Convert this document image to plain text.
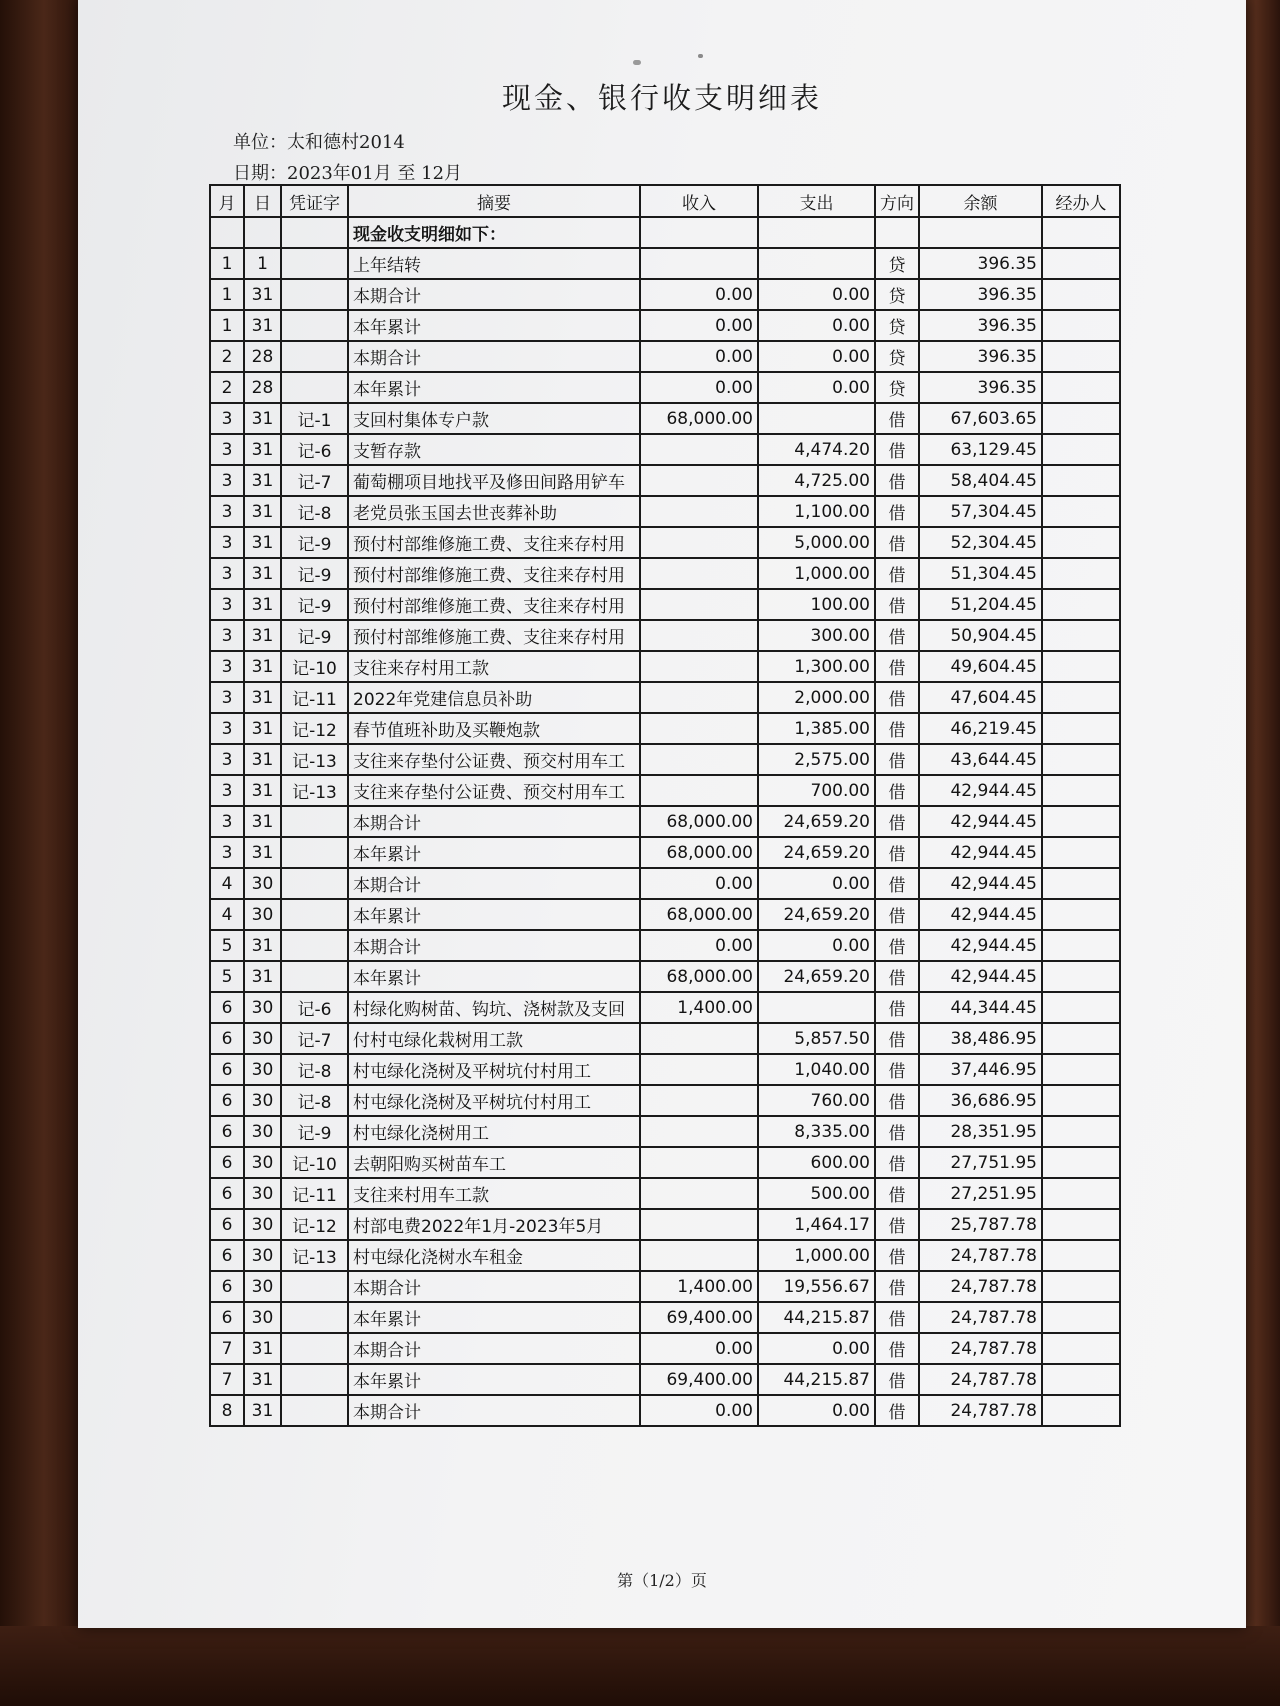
现金、银行收支明细表
单位：太和德村2014
日期：2023年01月 至 12月
月	日	凭证字	摘要	收入	支出	方向	余额	经办人
			现金收支明细如下：					
1	1		上年结转			贷	396.35	
1	31		本期合计	0.00	0.00	贷	396.35	
1	31		本年累计	0.00	0.00	贷	396.35	
2	28		本期合计	0.00	0.00	贷	396.35	
2	28		本年累计	0.00	0.00	贷	396.35	
3	31	记-1	支回村集体专户款	68,000.00		借	67,603.65	
3	31	记-6	支暂存款		4,474.20	借	63,129.45	
3	31	记-7	葡萄棚项目地找平及修田间路用铲车		4,725.00	借	58,404.45	
3	31	记-8	老党员张玉国去世丧葬补助		1,100.00	借	57,304.45	
3	31	记-9	预付村部维修施工费、支往来存村用		5,000.00	借	52,304.45	
3	31	记-9	预付村部维修施工费、支往来存村用		1,000.00	借	51,304.45	
3	31	记-9	预付村部维修施工费、支往来存村用		100.00	借	51,204.45	
3	31	记-9	预付村部维修施工费、支往来存村用		300.00	借	50,904.45	
3	31	记-10	支往来存村用工款		1,300.00	借	49,604.45	
3	31	记-11	2022年党建信息员补助		2,000.00	借	47,604.45	
3	31	记-12	春节值班补助及买鞭炮款		1,385.00	借	46,219.45	
3	31	记-13	支往来存垫付公证费、预交村用车工		2,575.00	借	43,644.45	
3	31	记-13	支往来存垫付公证费、预交村用车工		700.00	借	42,944.45	
3	31		本期合计	68,000.00	24,659.20	借	42,944.45	
3	31		本年累计	68,000.00	24,659.20	借	42,944.45	
4	30		本期合计	0.00	0.00	借	42,944.45	
4	30		本年累计	68,000.00	24,659.20	借	42,944.45	
5	31		本期合计	0.00	0.00	借	42,944.45	
5	31		本年累计	68,000.00	24,659.20	借	42,944.45	
6	30	记-6	村绿化购树苗、钩坑、浇树款及支回	1,400.00		借	44,344.45	
6	30	记-7	付村屯绿化栽树用工款		5,857.50	借	38,486.95	
6	30	记-8	村屯绿化浇树及平树坑付村用工		1,040.00	借	37,446.95	
6	30	记-8	村屯绿化浇树及平树坑付村用工		760.00	借	36,686.95	
6	30	记-9	村屯绿化浇树用工		8,335.00	借	28,351.95	
6	30	记-10	去朝阳购买树苗车工		600.00	借	27,751.95	
6	30	记-11	支往来村用车工款		500.00	借	27,251.95	
6	30	记-12	村部电费2022年1月-2023年5月		1,464.17	借	25,787.78	
6	30	记-13	村屯绿化浇树水车租金		1,000.00	借	24,787.78	
6	30		本期合计	1,400.00	19,556.67	借	24,787.78	
6	30		本年累计	69,400.00	44,215.87	借	24,787.78	
7	31		本期合计	0.00	0.00	借	24,787.78	
7	31		本年累计	69,400.00	44,215.87	借	24,787.78	
8	31		本期合计	0.00	0.00	借	24,787.78	
第（1/2）页
